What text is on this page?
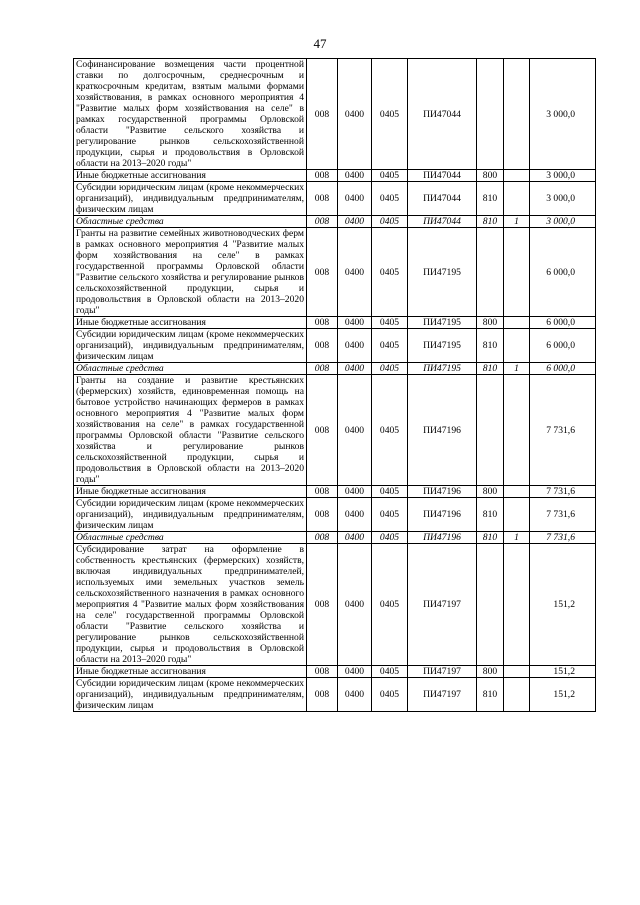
47
Софинансирование возмещения части процентной ставки по долгосрочным, среднесрочным и краткосрочным кредитам, взятым малыми формами хозяйствования, в рамках основного мероприятия 4 "Развитие малых форм хозяйствования на селе" в рамках государственной программы Орловской области "Развитие сельского хозяйства и регулирование рынков сельскохозяйственной продукции, сырья и продовольствия в Орловской области на 2013–2020 годы"	008	0400	0405	ПИ47044			3 000,0
Иные бюджетные ассигнования	008	0400	0405	ПИ47044	800		3 000,0
Субсидии юридическим лицам (кроме некоммерческих организаций), индивидуальным предпринимателям, физическим лицам	008	0400	0405	ПИ47044	810		3 000,0
Областные средства	008	0400	0405	ПИ47044	810	1	3 000,0
Гранты на развитие семейных животноводческих ферм в рамках основного мероприятия 4 "Развитие малых форм хозяйствования на селе" в рамках государственной программы Орловской области "Развитие сельского хозяйства и регулирование рынков сельскохозяйственной продукции, сырья и продовольствия в Орловской области на 2013–2020 годы"	008	0400	0405	ПИ47195			6 000,0
Иные бюджетные ассигнования	008	0400	0405	ПИ47195	800		6 000,0
Субсидии юридическим лицам (кроме некоммерческих организаций), индивидуальным предпринимателям, физическим лицам	008	0400	0405	ПИ47195	810		6 000,0
Областные средства	008	0400	0405	ПИ47195	810	1	6 000,0
Гранты на создание и развитие крестьянских (фермерских) хозяйств, единовременная помощь на бытовое устройство начинающих фермеров в рамках основного мероприятия 4 "Развитие малых форм хозяйствования на селе" в рамках государственной программы Орловской области "Развитие сельского хозяйства и регулирование рынков сельскохозяйственной продукции, сырья и продовольствия в Орловской области на 2013–2020 годы"	008	0400	0405	ПИ47196			7 731,6
Иные бюджетные ассигнования	008	0400	0405	ПИ47196	800		7 731,6
Субсидии юридическим лицам (кроме некоммерческих организаций), индивидуальным предпринимателям, физическим лицам	008	0400	0405	ПИ47196	810		7 731,6
Областные средства	008	0400	0405	ПИ47196	810	1	7 731,6
Субсидирование затрат на оформление в собственность крестьянских (фермерских) хозяйств, включая индивидуальных предпринимателей, используемых ими земельных участков земель сельскохозяйственного назначения в рамках основного мероприятия 4 "Развитие малых форм хозяйствования на селе" государственной программы Орловской области "Развитие сельского хозяйства и регулирование рынков сельскохозяйственной продукции, сырья и продовольствия в Орловской области на 2013–2020 годы"	008	0400	0405	ПИ47197			151,2
Иные бюджетные ассигнования	008	0400	0405	ПИ47197	800		151,2
Субсидии юридическим лицам (кроме некоммерческих организаций), индивидуальным предпринимателям, физическим лицам	008	0400	0405	ПИ47197	810		151,2
